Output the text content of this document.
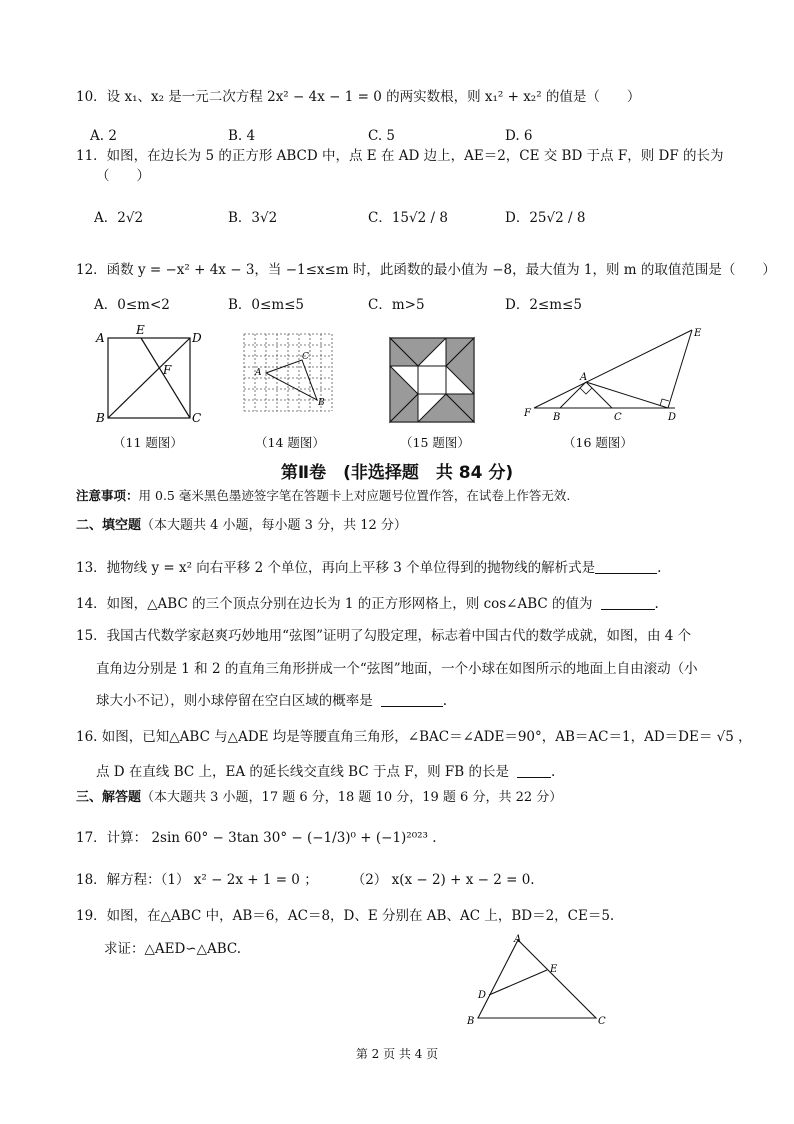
10．设 x₁、x₂ 是一元二次方程 2x² − 4x − 1 = 0 的两实数根，则 x₁² + x₂² 的值是（　　）
A. 2	B. 4	C. 5	D. 6
11．如图，在边长为 5 的正方形 ABCD 中，点 E 在 AD 边上，AE＝2，CE 交 BD 于点 F，则 DF 的长为
（　　）
A．2√2	B．3√2	C．15√2 / 8	D．25√2 / 8
12．函数 y = −x² + 4x − 3，当 −1≤x≤m 时，此函数的最小值为 −8，最大值为 1，则 m 的取值范围是（　　）
A．0≤m<2	B．0≤m≤5	C．m>5	D．2≤m≤5
A
E
D
F
B	C
A
C
B
A
B	C	D
E
F
（11 题图）	（14 题图）	（15 题图）	（16 题图）
第Ⅱ卷　(非选择题　共 84 分)
注意事项：用 0.5 毫米黑色墨迹签字笔在答题卡上对应题号位置作答，在试卷上作答无效.
二、填空题（本大题共 4 小题，每小题 3 分，共 12 分）
13．抛物线 y = x² 向右平移 2 个单位，再向上平移 3 个单位得到的抛物线的解析式是	.
14．如图，△ABC 的三个顶点分别在边长为 1 的正方形网格上，则 cos∠ABC 的值为	.
15．我国古代数学家赵爽巧妙地用“弦图”证明了勾股定理，标志着中国古代的数学成就，如图，由 4 个
直角边分别是 1 和 2 的直角三角形拼成一个“弦图”地面，一个小球在如图所示的地面上自由滚动（小
球大小不记），则小球停留在空白区域的概率是	.
16. 如图，已知△ABC 与△ADE 均是等腰直角三角形，∠BAC＝∠ADE＝90°，AB＝AC＝1，AD＝DE＝ √5 ，
点 D 在直线 BC 上，EA 的延长线交直线 BC 于点 F，则 FB 的长是	.
三、解答题（本大题共 3 小题，17 题 6 分，18 题 10 分，19 题 6 分，共 22 分）
17．计算： 2sin 60° − 3tan 30° − (−1/3)⁰ + (−1)²⁰²³ .
18．解方程：（1） x² − 2x + 1 = 0 ；	（2） x(x − 2) + x − 2 = 0.
19．如图，在△ABC 中，AB＝6，AC＝8，D、E 分别在 AB、AC 上，BD＝2，CE＝5.
求证：△AED∽△ABC.
A
E
D
B	C
第 2 页 共 4 页
